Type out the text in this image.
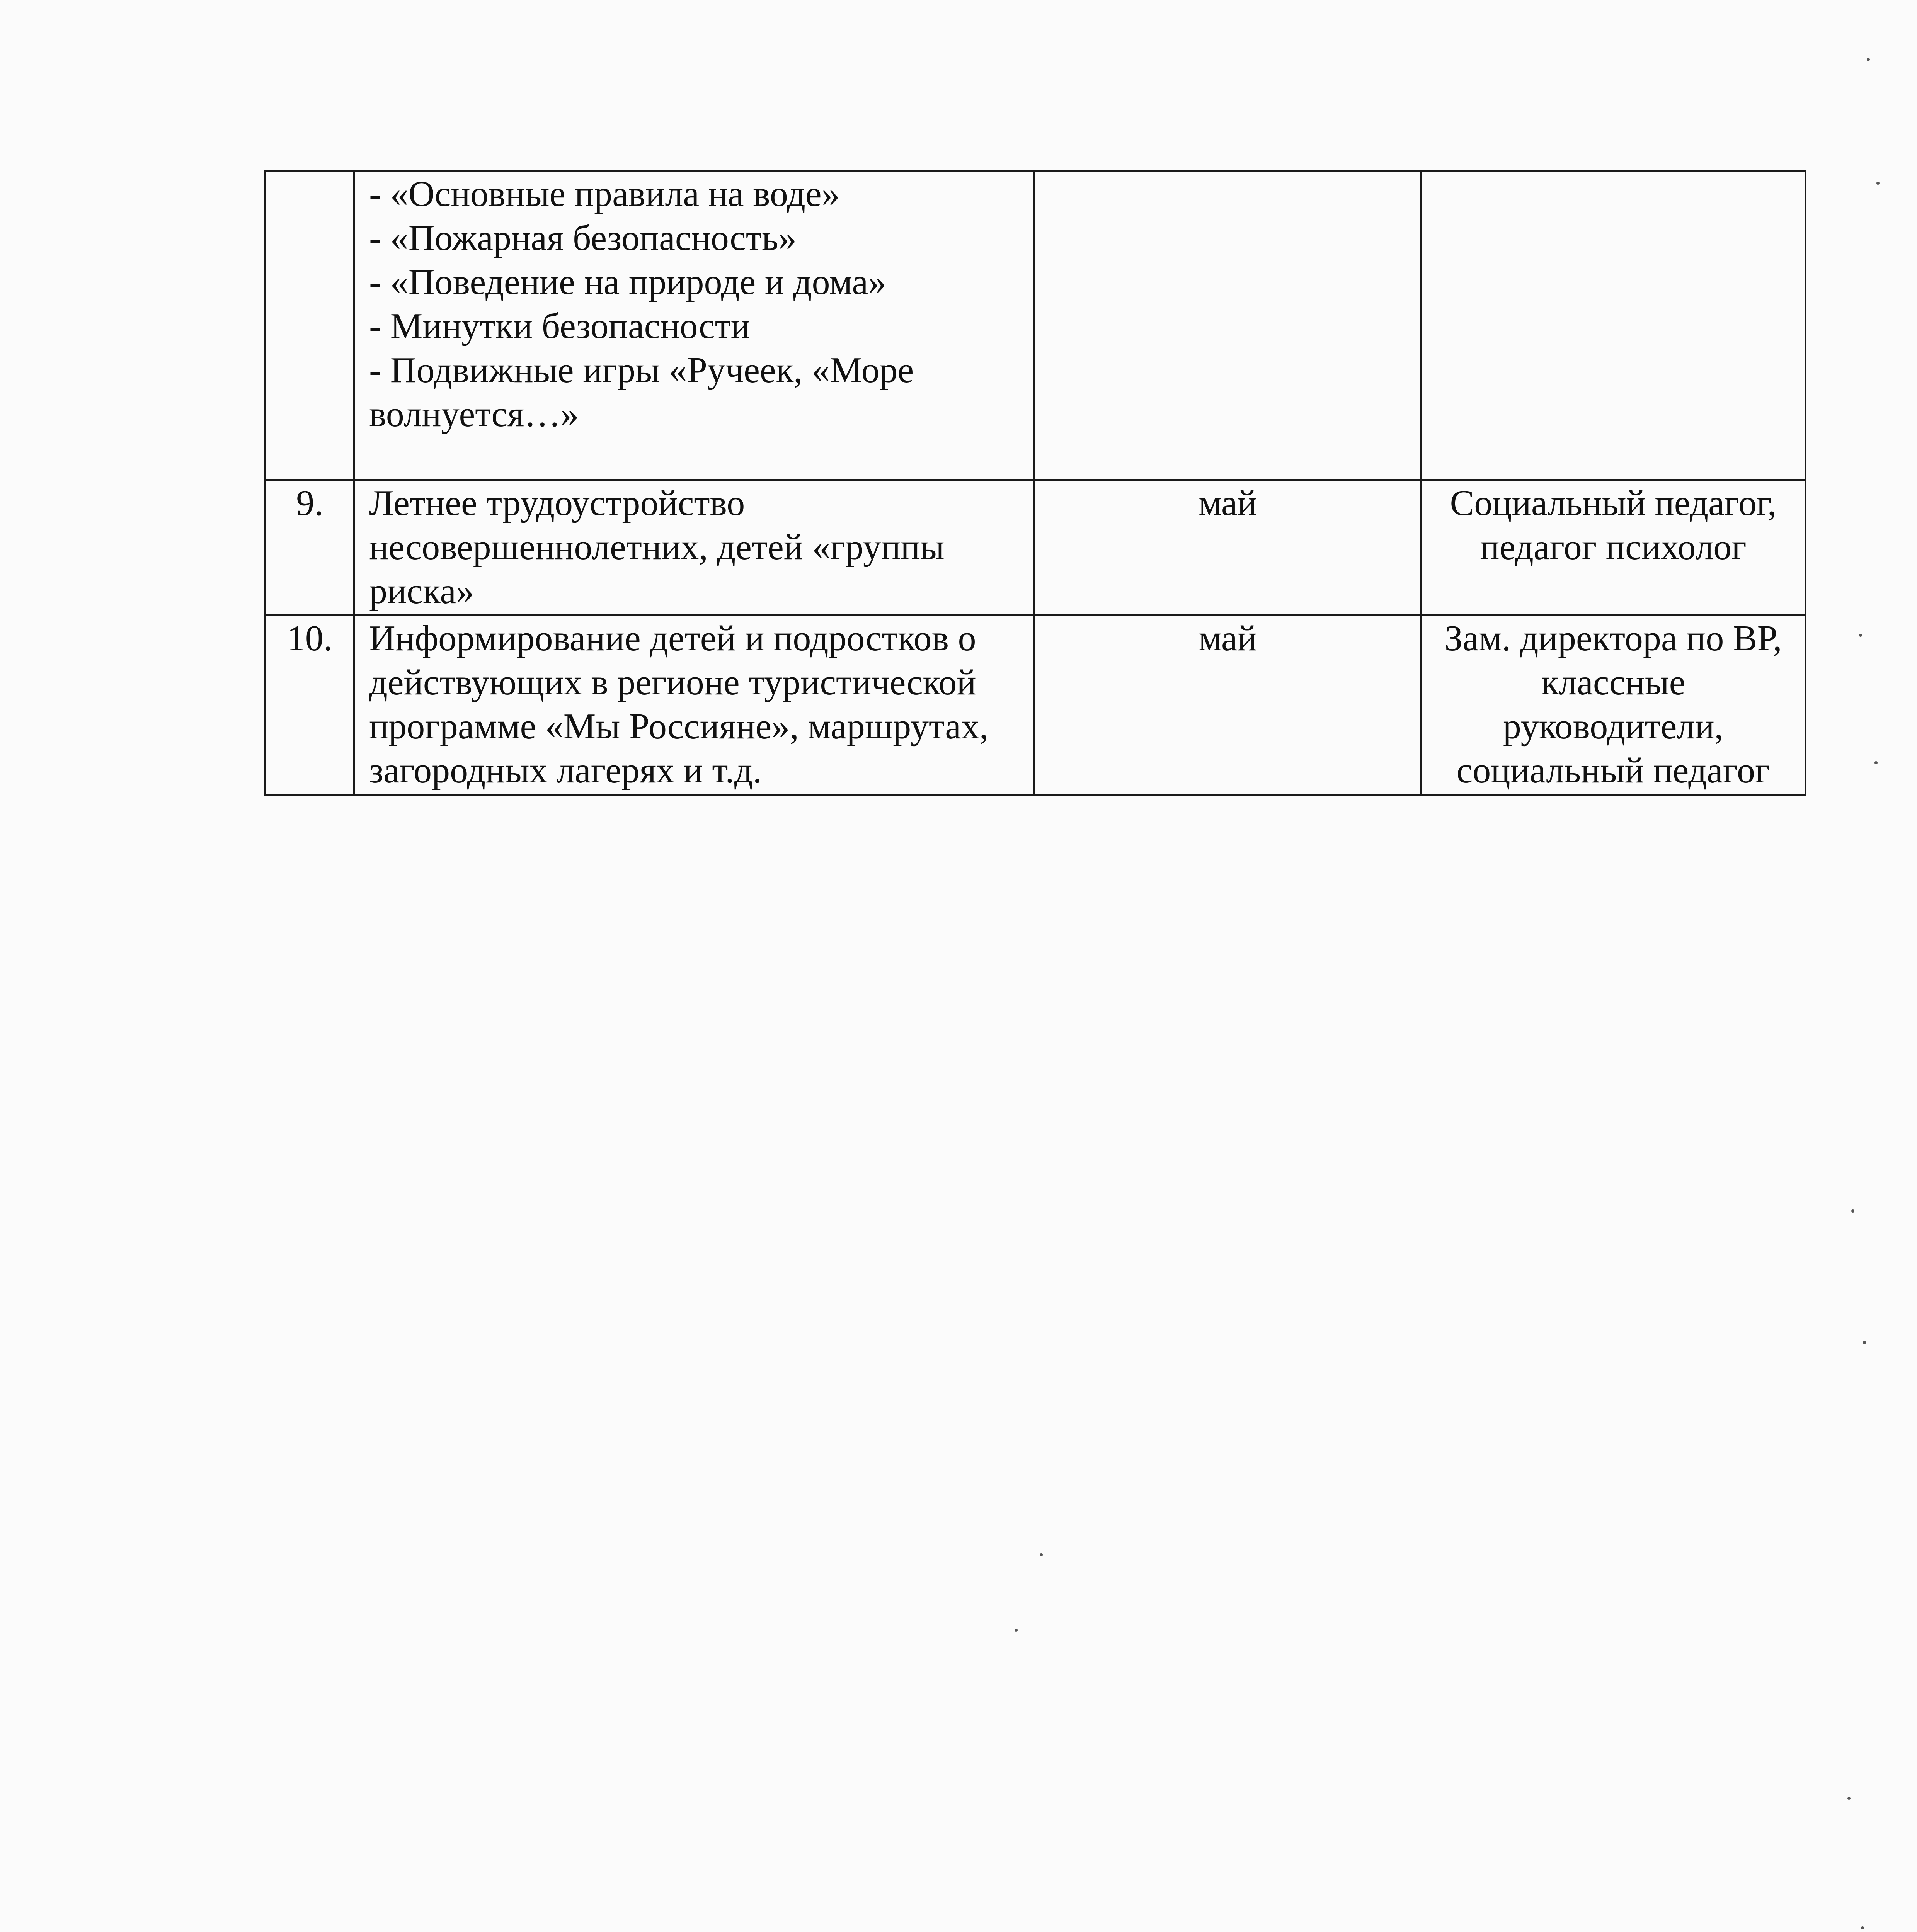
	- «Основные правила на воде»
- «Пожарная безопасность»
- «Поведение на природе и дома»
- Минутки безопасности
- Подвижные игры «Ручеек, «Море волнуется…»		

9.	Летнее трудоустройство несовершеннолетних, детей «группы риска»	май	Социальный педагог, педагог психолог
10.	Информирование детей и подростков о действующих в регионе туристической программе «Мы Россияне», маршрутах, загородных лагерях и т.д.	май	Зам. директора по ВР, классные руководители, социальный педагог
